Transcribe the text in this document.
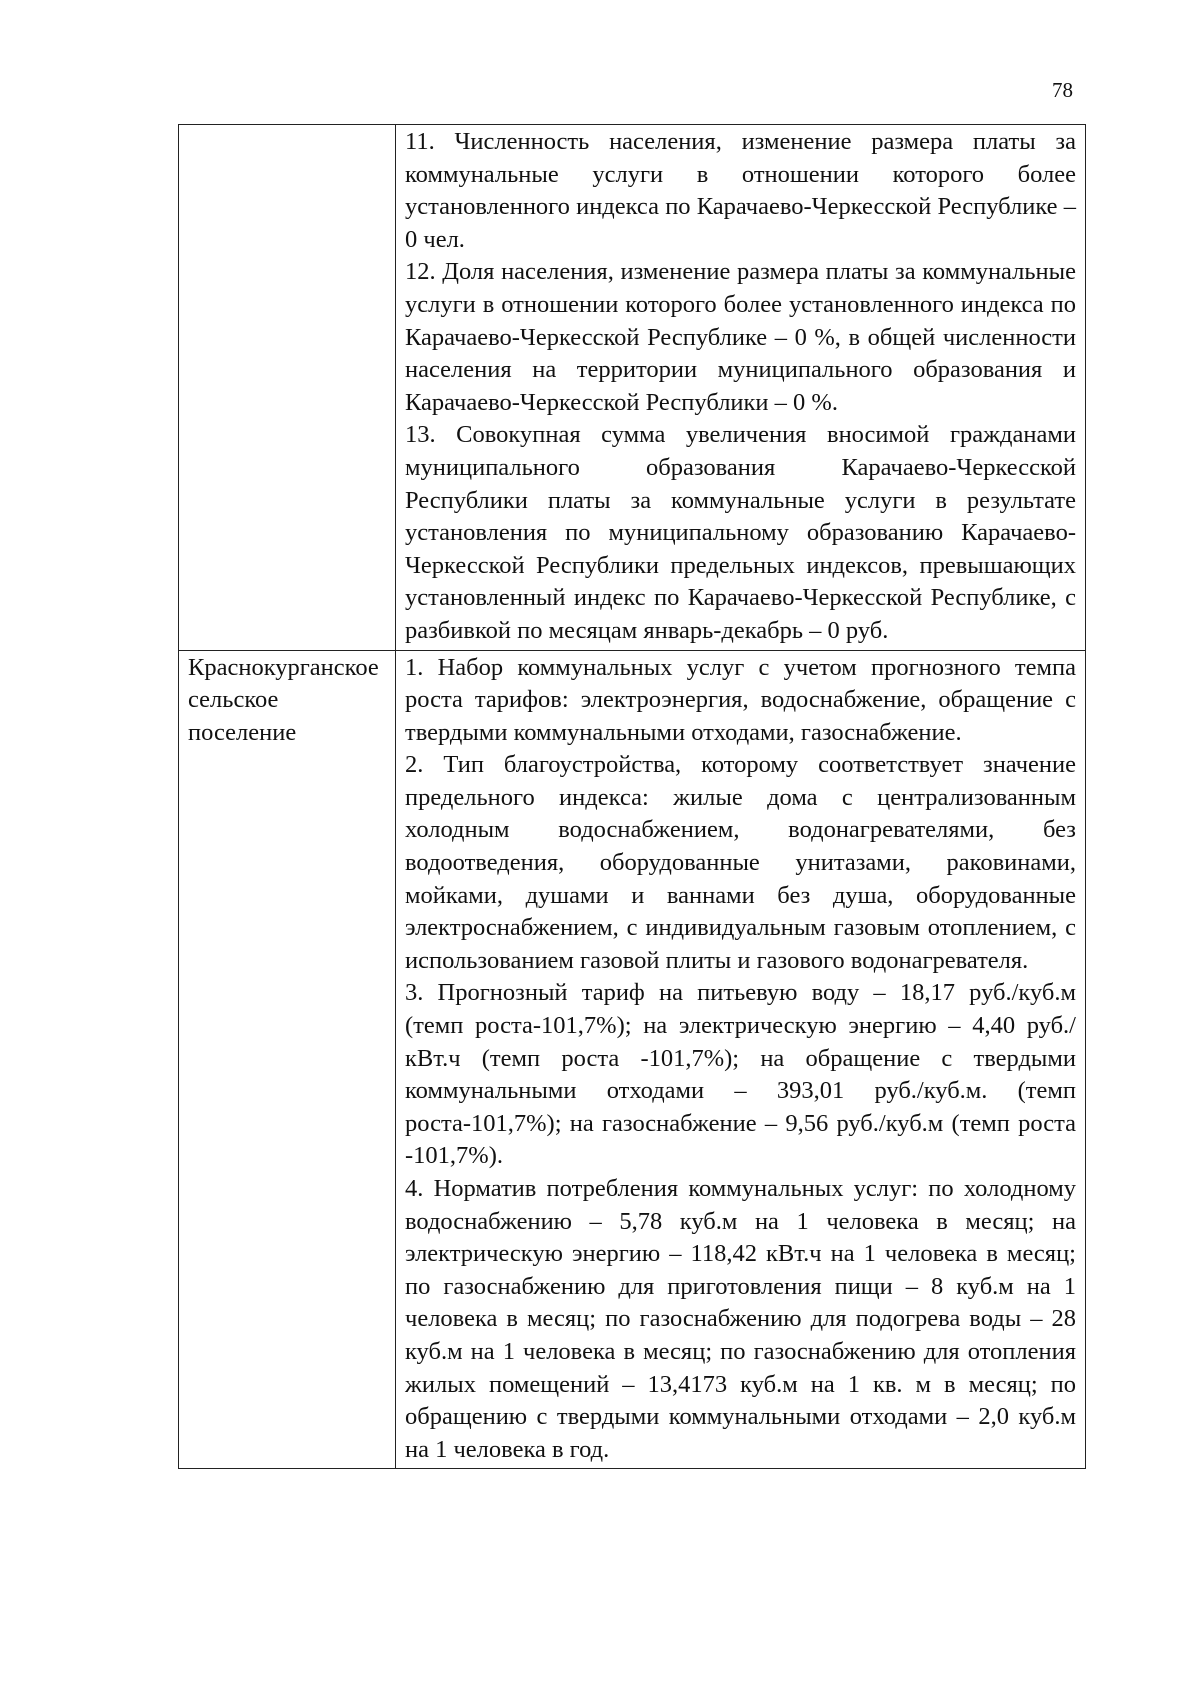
78

	11. Численность населения, изменение размера платы за коммунальные услуги в отношении которого более установленного индекса по Карачаево-Черкесской Республике – 0 чел.

12. Доля населения, изменение размера платы за коммунальные услуги в отношении которого более установленного индекса по Карачаево-Черкесской Республике – 0 %, в общей численности населения на территории муниципального образования и Карачаево-Черкесской Республики – 0 %.

13. Совокупная сумма увеличения вносимой гражданами муниципального образования Карачаево-Черкесской Республики платы за коммунальные услуги в результате установления по муниципальному образованию Карачаево-Черкесской Республики предельных индексов, превышающих установленный индекс по Карачаево-Черкесской Республике, с разбивкой по месяцам январь-декабрь – 0 руб.

Краснокурганское сельское поселение	1. Набор коммунальных услуг с учетом прогнозного темпа роста тарифов: электроэнергия, водоснабжение, обращение с твердыми коммунальными отходами, газоснабжение.

2. Тип благоустройства, которому соответствует значение предельного индекса: жилые дома с централизованным холодным водоснабжением, водонагревателями, без водоотведения, оборудованные унитазами, раковинами, мойками, душами и ваннами без душа, оборудованные электроснабжением, с индивидуальным газовым отоплением, с использованием газовой плиты и газового водонагревателя.

3. Прогнозный тариф на питьевую воду – 18,17 руб./куб.м (темп роста-101,7%); на электрическую энергию – 4,40 руб./кВт.ч (темп роста -101,7%); на обращение с твердыми коммунальными отходами – 393,01 руб./куб.м. (темп роста-101,7%); на газоснабжение – 9,56 руб./куб.м (темп роста -101,7%).

4. Норматив потребления коммунальных услуг: по холодному водоснабжению – 5,78 куб.м на 1 человека в месяц; на электрическую энергию – 118,42 кВт.ч на 1 человека в месяц; по газоснабжению для приготовления пищи – 8 куб.м на 1 человека в месяц; по газоснабжению для подогрева воды – 28 куб.м на 1 человека в месяц; по газоснабжению для отопления жилых помещений – 13,4173 куб.м на 1 кв. м в месяц; по обращению с твердыми коммунальными отходами – 2,0 куб.м на 1 человека в год.
